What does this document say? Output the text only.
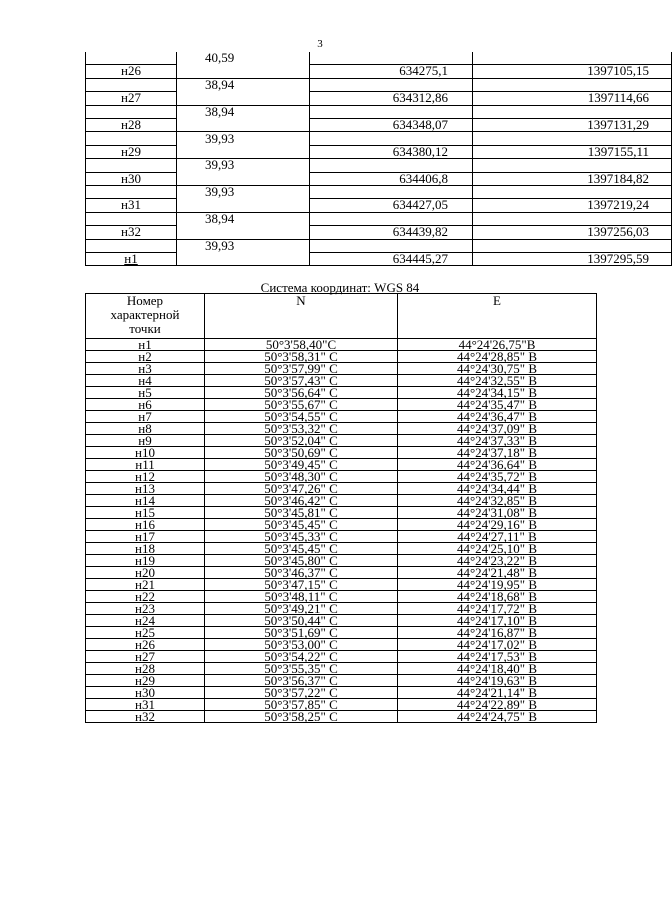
3
	40,59		
н26		634275,1	1397105,15
	38,94		
н27		634312,86	1397114,66
	38,94		
н28		634348,07	1397131,29
	39,93		
н29		634380,12	1397155,11
	39,93		
н30		634406,8	1397184,82
	39,93		
н31		634427,05	1397219,24
	38,94		
н32		634439,82	1397256,03
	39,93		
н1		634445,27	1397295,59
Система координат: WGS 84
Номер характерной точки	N	E
н1	50°3'58,40"С	44°24'26,75"В
н2	50°3'58,31" С	44°24'28,85" В
н3	50°3'57,99" С	44°24'30,75" В
н4	50°3'57,43" С	44°24'32,55" В
н5	50°3'56,64" С	44°24'34,15" В
н6	50°3'55,67" С	44°24'35,47" В
н7	50°3'54,55" С	44°24'36,47" В
н8	50°3'53,32" С	44°24'37,09" В
н9	50°3'52,04" С	44°24'37,33" В
н10	50°3'50,69" С	44°24'37,18" В
н11	50°3'49,45" С	44°24'36,64" В
н12	50°3'48,30" С	44°24'35,72" В
н13	50°3'47,26" С	44°24'34,44" В
н14	50°3'46,42" С	44°24'32,85" В
н15	50°3'45,81" С	44°24'31,08" В
н16	50°3'45,45" С	44°24'29,16" В
н17	50°3'45,33" С	44°24'27,11" В
н18	50°3'45,45" С	44°24'25,10" В
н19	50°3'45,80" С	44°24'23,22" В
н20	50°3'46,37" С	44°24'21,48" В
н21	50°3'47,15" С	44°24'19,95" В
н22	50°3'48,11" С	44°24'18,68" В
н23	50°3'49,21" С	44°24'17,72" В
н24	50°3'50,44" С	44°24'17,10" В
н25	50°3'51,69" С	44°24'16,87" В
н26	50°3'53,00" С	44°24'17,02" В
н27	50°3'54,22" С	44°24'17,53" В
н28	50°3'55,35" С	44°24'18,40" В
н29	50°3'56,37" С	44°24'19,63" В
н30	50°3'57,22" С	44°24'21,14" В
н31	50°3'57,85" С	44°24'22,89" В
н32	50°3'58,25" С	44°24'24,75" В
